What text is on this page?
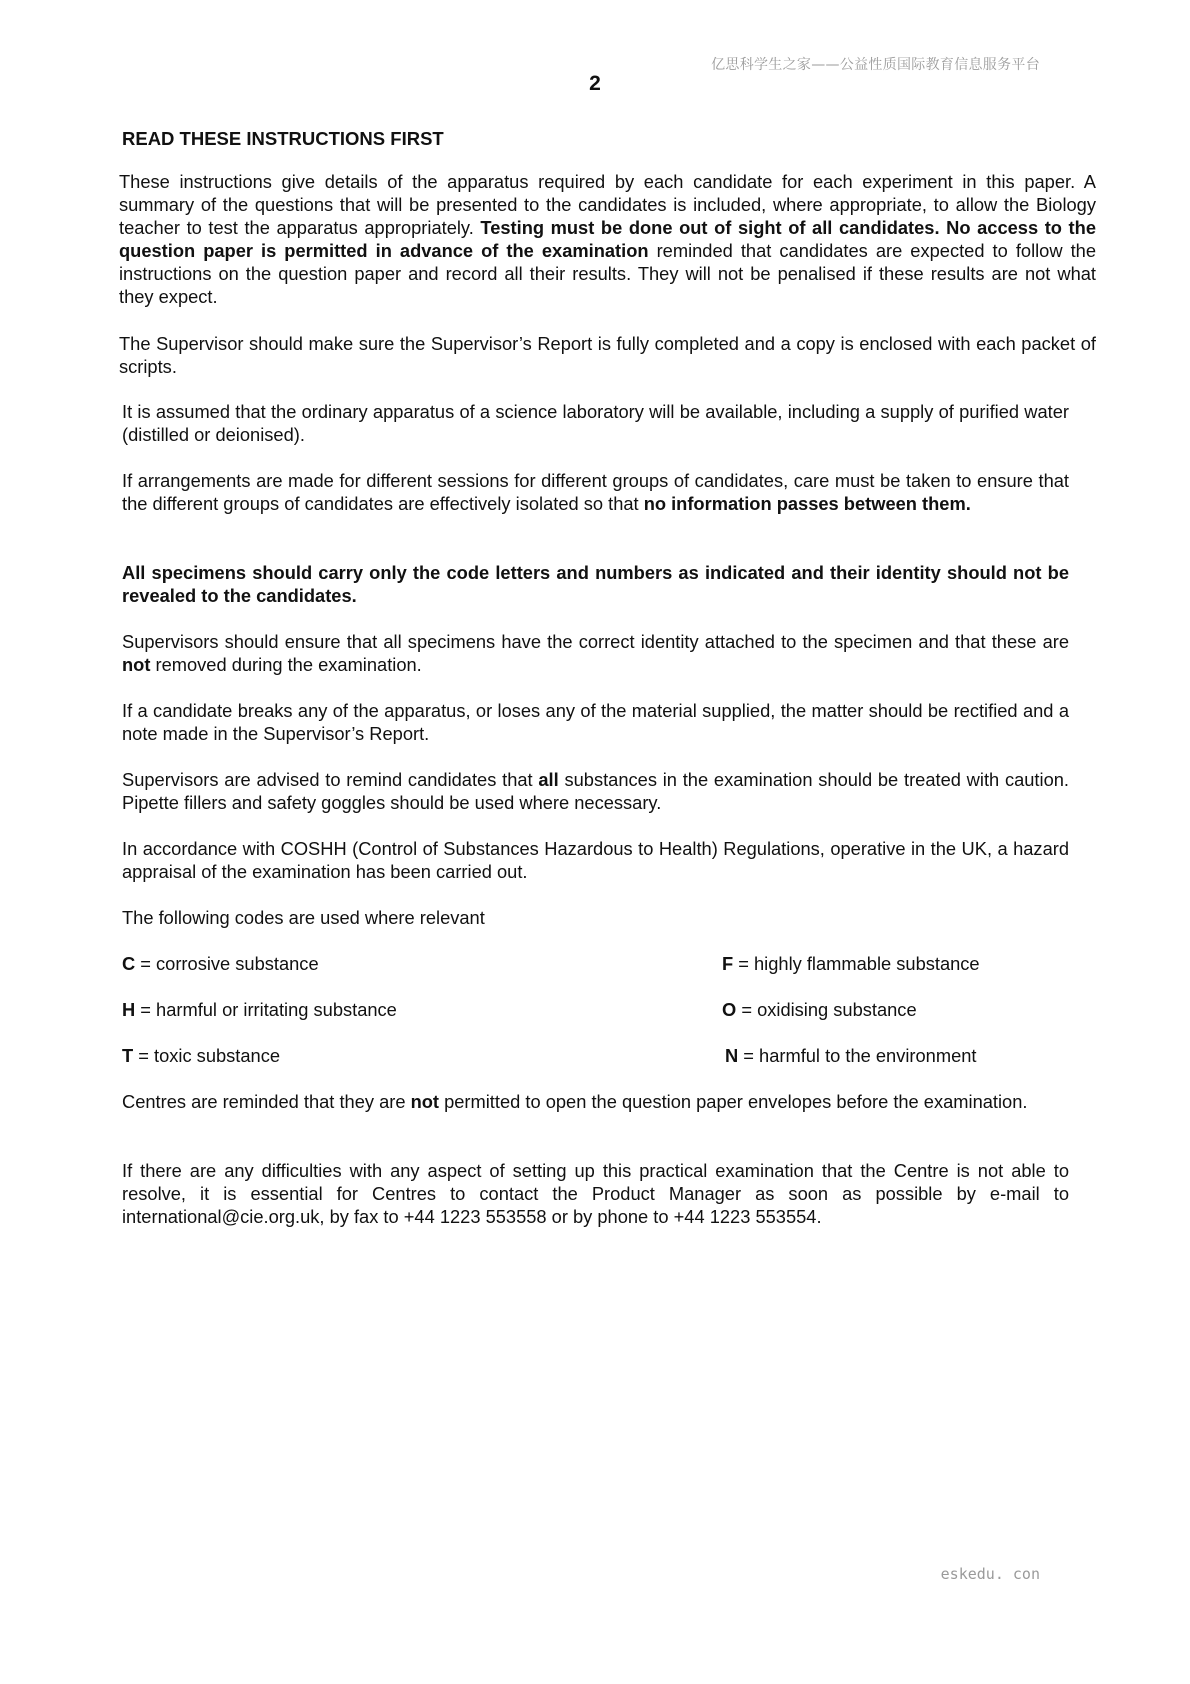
亿思科学生之家——公益性质国际教育信息服务平台
2
READ THESE INSTRUCTIONS FIRST

These instructions give details of the apparatus required by each candidate for each experiment in this paper. A summary of the questions that will be presented to the candidates is included, where appropriate, to allow the Biology teacher to test the apparatus appropriately. Testing must be done out of sight of all candidates. No access to the question paper is permitted in advance of the examination reminded that candidates are expected to follow the instructions on the question paper and record all their results. They will not be penalised if these results are not what they expect.

The Supervisor should make sure the Supervisor’s Report is fully completed and a copy is enclosed with each packet of scripts.

It is assumed that the ordinary apparatus of a science laboratory will be available, including a supply of purified water (distilled or deionised).

If arrangements are made for different sessions for different groups of candidates, care must be taken to ensure that the different groups of candidates are effectively isolated so that no information passes between them.

All specimens should carry only the code letters and numbers as indicated and their identity should not be revealed to the candidates.

Supervisors should ensure that all specimens have the correct identity attached to the specimen and that these are not removed during the examination.

If a candidate breaks any of the apparatus, or loses any of the material supplied, the matter should be rectified and a note made in the Supervisor’s Report.

Supervisors are advised to remind candidates that all substances in the examination should be treated with caution. Pipette fillers and safety goggles should be used where necessary.

In accordance with COSHH (Control of Substances Hazardous to Health) Regulations, operative in the UK, a hazard appraisal of the examination has been carried out.

The following codes are used where relevant

C = corrosive substance	F = highly flammable substance
H = harmful or irritating substance	O = oxidising substance
T = toxic substance	N = harmful to the environment

Centres are reminded that they are not permitted to open the question paper envelopes before the examination.

If there are any difficulties with any aspect of setting up this practical examination that the Centre is not able to resolve, it is essential for Centres to contact the Product Manager as soon as possible by e-mail to international@cie.org.uk, by fax to +44 1223 553558 or by phone to +44 1223 553554.

eskedu. con
